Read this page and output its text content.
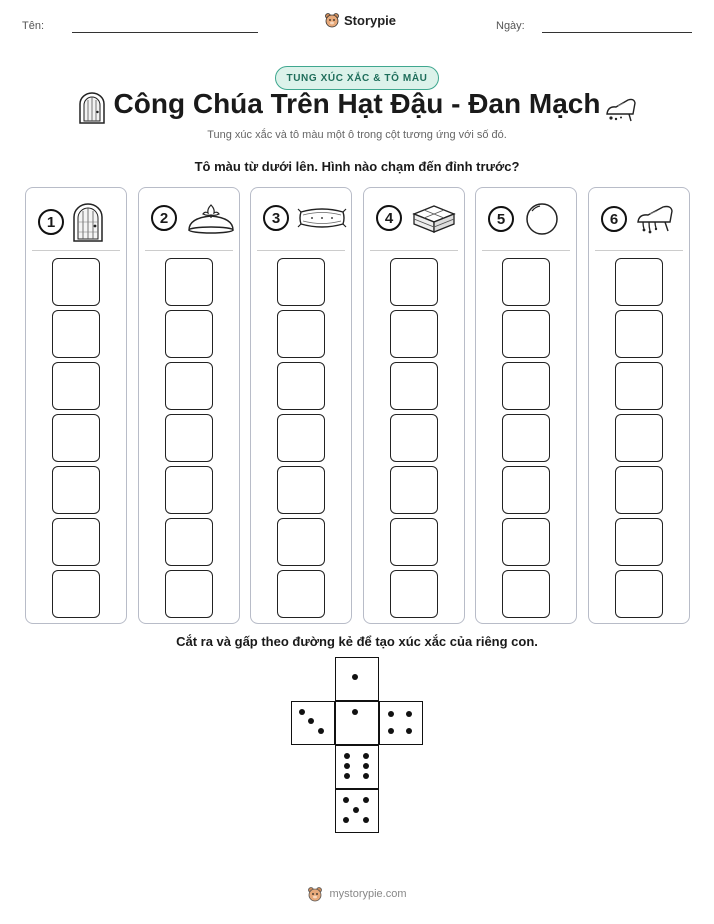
Tên:	Storypie	Ngày:
TUNG XÚC XẮC & TÔ MÀU
Công Chúa Trên Hạt Đậu - Đan Mạch
Tung xúc xắc và tô màu một ô trong cột tương ứng với số đó.
Tô màu từ dưới lên. Hình nào chạm đến đỉnh trước?
1	2	3	4	5	6
Cắt ra và gấp theo đường kẻ để tạo xúc xắc của riêng con.
mystorypie.com
